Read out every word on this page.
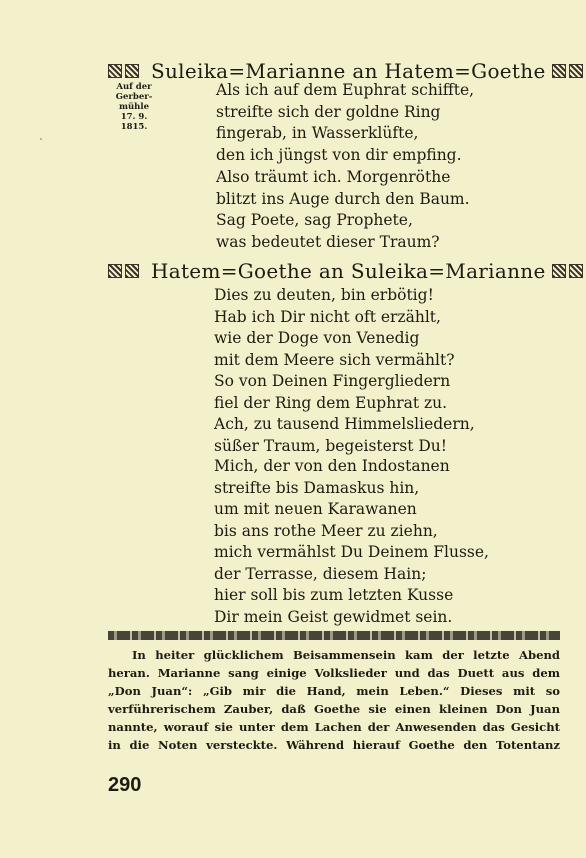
Suleika=Marianne an Hatem=Goethe
Auf der
Gerber-
mühle
17. 9.
1815.
Als ich auf dem Euphrat schiffte,
streifte sich der goldne Ring
fingerab, in Wasserklüfte,
den ich jüngst von dir empfing.
Also träumt ich. Morgenröthe
blitzt ins Auge durch den Baum.
Sag Poete, sag Prophete,
was bedeutet dieser Traum?
Hatem=Goethe an Suleika=Marianne
Dies zu deuten, bin erbötig!
Hab ich Dir nicht oft erzählt,
wie der Doge von Venedig
mit dem Meere sich vermählt?
So von Deinen Fingergliedern
fiel der Ring dem Euphrat zu.
Ach, zu tausend Himmelsliedern,
süßer Traum, begeisterst Du!
Mich, der von den Indostanen
streifte bis Damaskus hin,
um mit neuen Karawanen
bis ans rothe Meer zu ziehn,
mich vermählst Du Deinem Flusse,
der Terrasse, diesem Hain;
hier soll bis zum letzten Kusse
Dir mein Geist gewidmet sein.
In heiter glücklichem Beisammensein kam der letzte Abend
heran. Marianne sang einige Volkslieder und das Duett aus dem
„Don Juan“: „Gib mir die Hand, mein Leben.“ Dieses mit so
verführerischem Zauber, daß Goethe sie einen kleinen Don Juan
nannte, worauf sie unter dem Lachen der Anwesenden das Gesicht
in die Noten versteckte. Während hierauf Goethe den Totentanz
290
